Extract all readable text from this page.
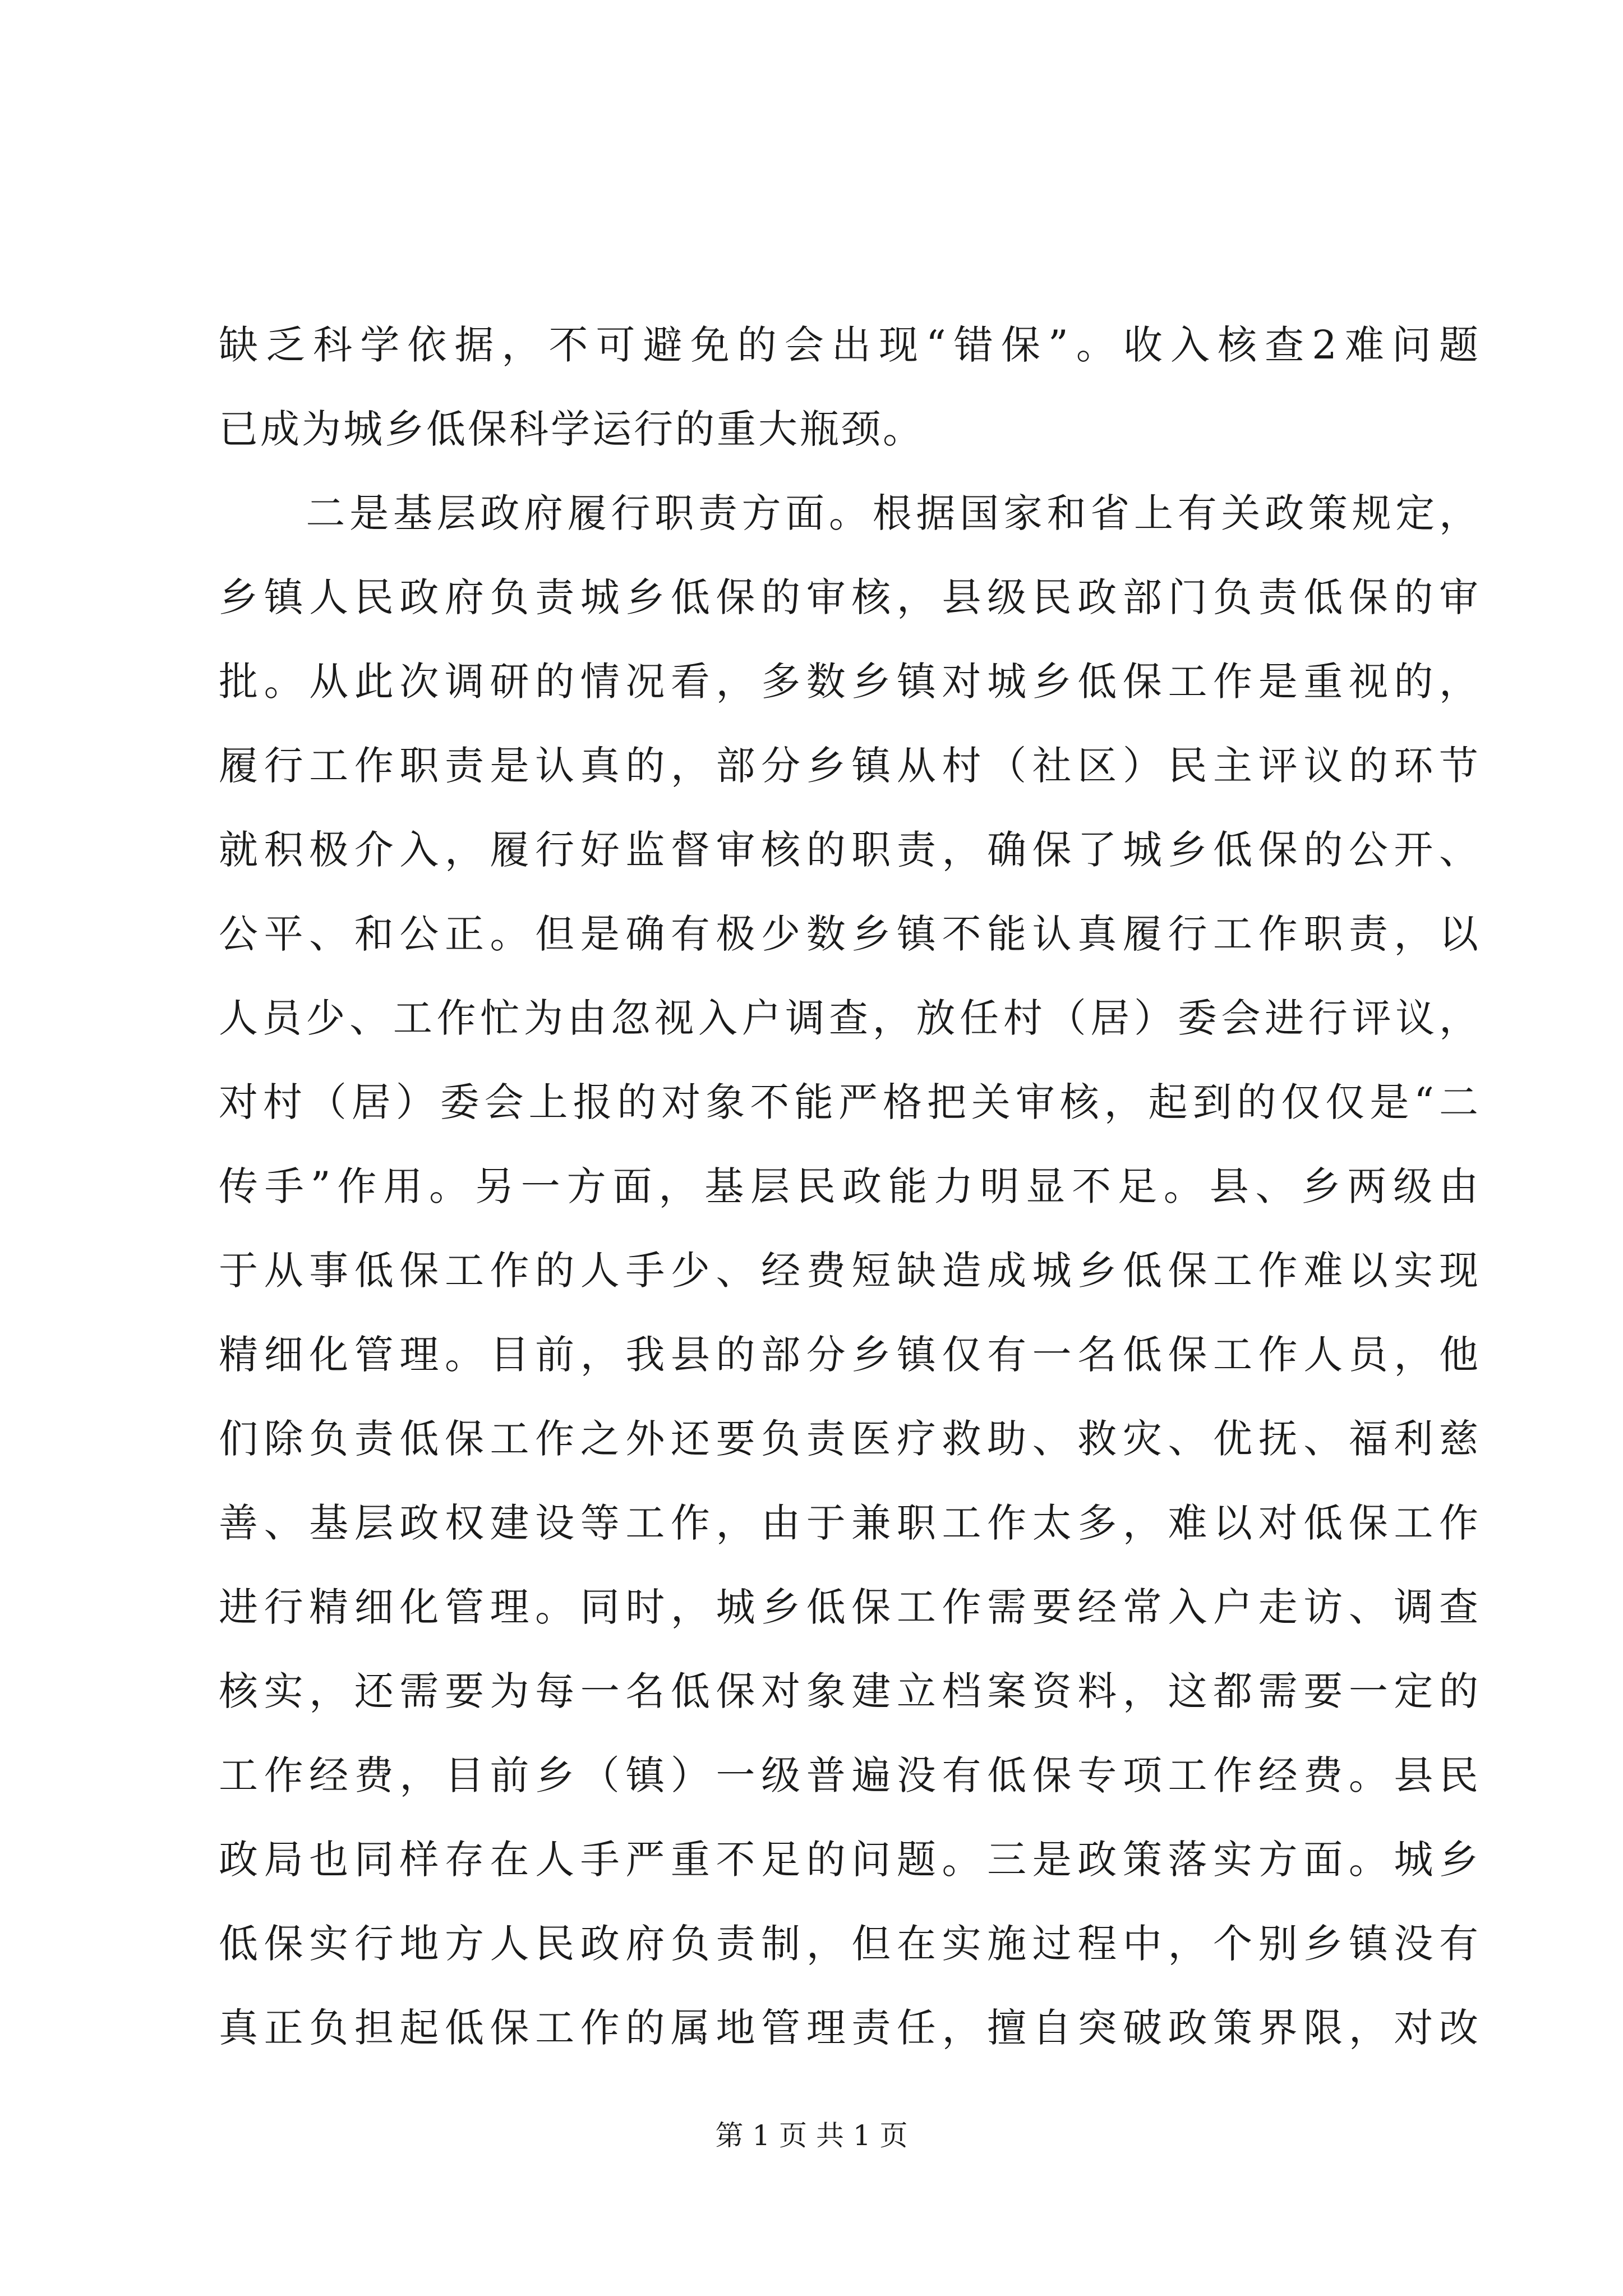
缺乏科学依据，不可避免的会出现“错保”。收入核查2难问题
已成为城乡低保科学运行的重大瓶颈。
　　二是基层政府履行职责方面。根据国家和省上有关政策规定，
乡镇人民政府负责城乡低保的审核，县级民政部门负责低保的审
批。从此次调研的情况看，多数乡镇对城乡低保工作是重视的，
履行工作职责是认真的，部分乡镇从村（社区）民主评议的环节
就积极介入，履行好监督审核的职责，确保了城乡低保的公开、
公平、和公正。但是确有极少数乡镇不能认真履行工作职责，以
人员少、工作忙为由忽视入户调查，放任村（居）委会进行评议，
对村（居）委会上报的对象不能严格把关审核，起到的仅仅是“二
传手”作用。另一方面，基层民政能力明显不足。县、乡两级由
于从事低保工作的人手少、经费短缺造成城乡低保工作难以实现
精细化管理。目前，我县的部分乡镇仅有一名低保工作人员，他
们除负责低保工作之外还要负责医疗救助、救灾、优抚、福利慈
善、基层政权建设等工作，由于兼职工作太多，难以对低保工作
进行精细化管理。同时，城乡低保工作需要经常入户走访、调查
核实，还需要为每一名低保对象建立档案资料，这都需要一定的
工作经费，目前乡（镇）一级普遍没有低保专项工作经费。县民
政局也同样存在人手严重不足的问题。三是政策落实方面。城乡
低保实行地方人民政府负责制，但在实施过程中，个别乡镇没有
真正负担起低保工作的属地管理责任，擅自突破政策界限，对改
第 1 页 共 1 页
